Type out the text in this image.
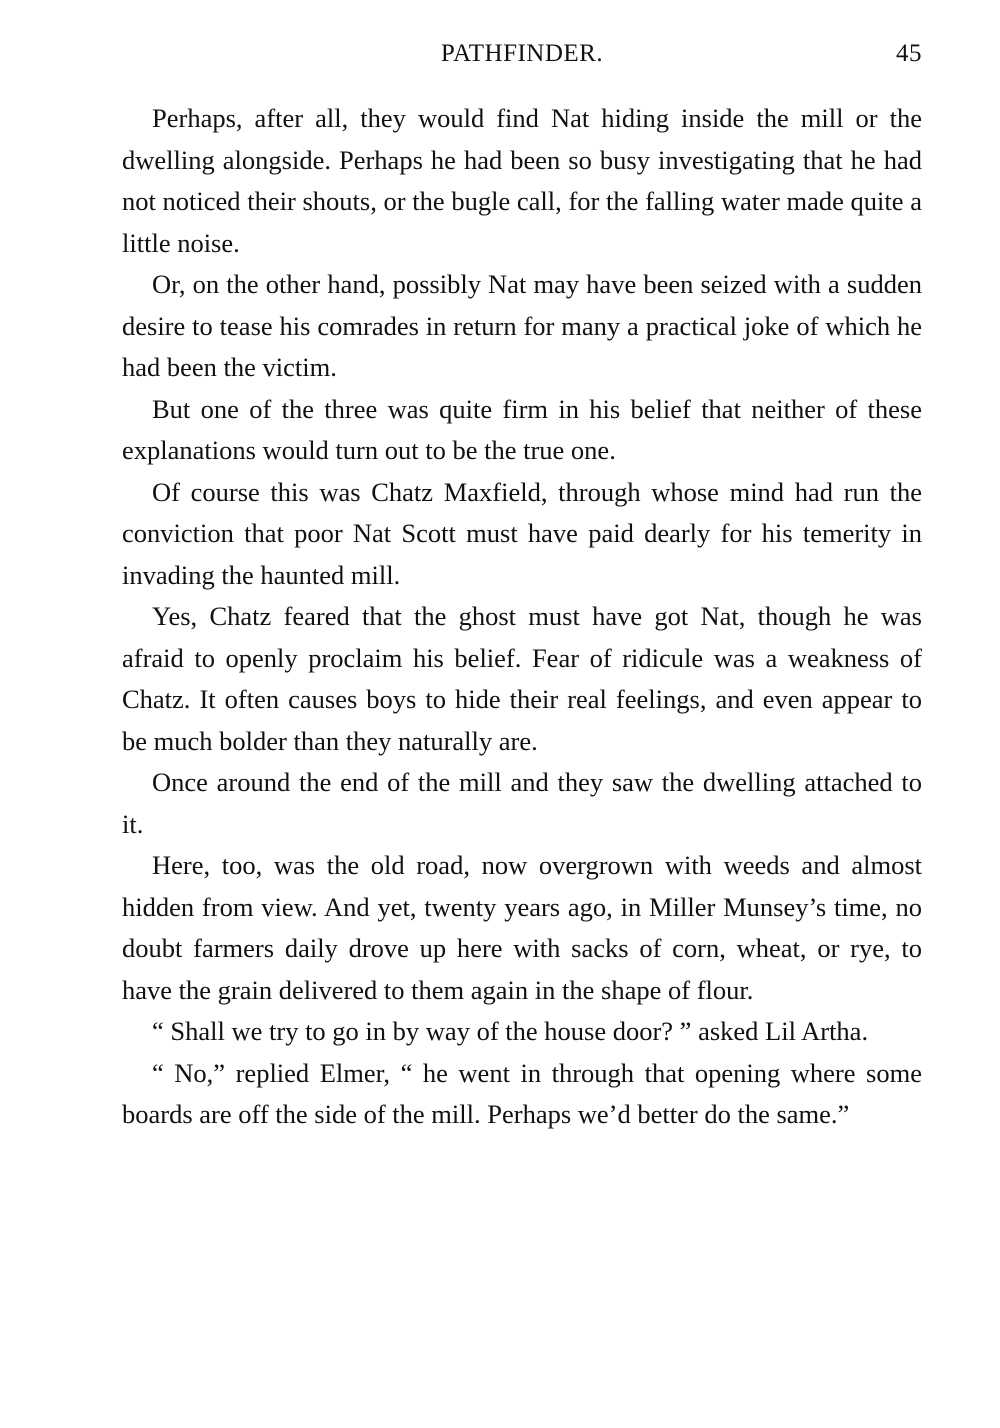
PATHFINDER.	45

Perhaps, after all, they would find Nat hiding inside the mill or the dwelling alongside. Perhaps he had been so busy investigating that he had not noticed their shouts, or the bugle call, for the falling water made quite a little noise.

Or, on the other hand, possibly Nat may have been seized with a sudden desire to tease his comrades in return for many a practical joke of which he had been the victim.

But one of the three was quite firm in his belief that neither of these explanations would turn out to be the true one.

Of course this was Chatz Maxfield, through whose mind had run the conviction that poor Nat Scott must have paid dearly for his temerity in invading the haunted mill.

Yes, Chatz feared that the ghost must have got Nat, though he was afraid to openly proclaim his belief. Fear of ridicule was a weakness of Chatz. It often causes boys to hide their real feelings, and even appear to be much bolder than they naturally are.

Once around the end of the mill and they saw the dwelling attached to it.

Here, too, was the old road, now overgrown with weeds and almost hidden from view. And yet, twenty years ago, in Miller Munsey’s time, no doubt farmers daily drove up here with sacks of corn, wheat, or rye, to have the grain delivered to them again in the shape of flour.

“ Shall we try to go in by way of the house door? ” asked Lil Artha.

“ No,” replied Elmer, “ he went in through that opening where some boards are off the side of the mill. Perhaps we’d better do the same.”
